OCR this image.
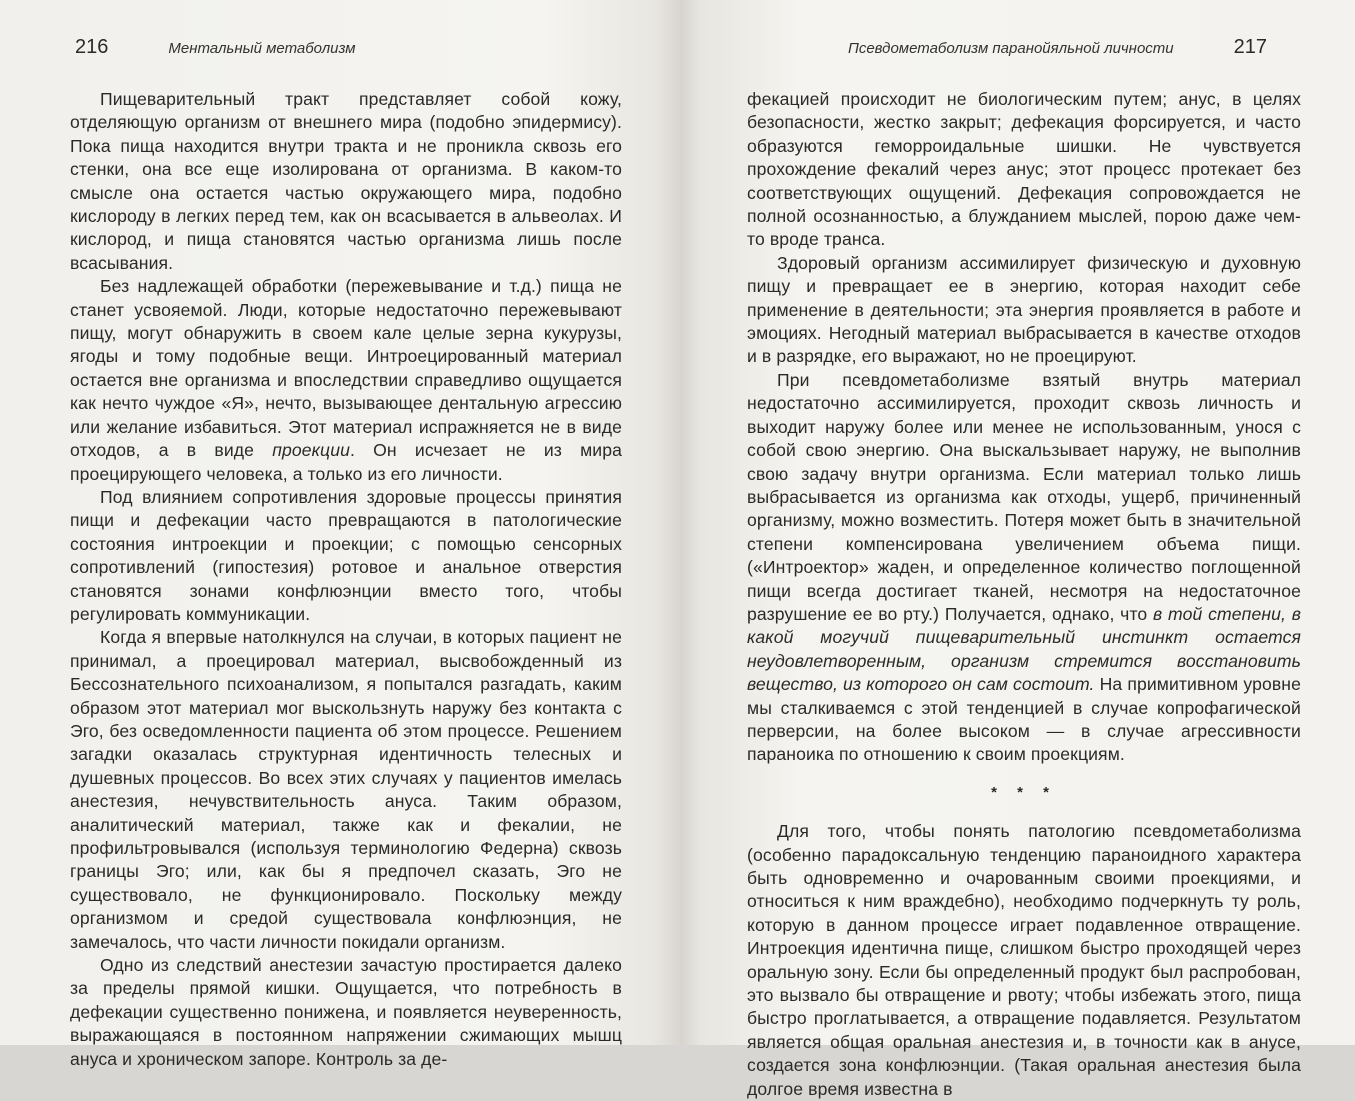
216	Ментальный метаболизм

Пищеварительный тракт представляет собой кожу, отделяющую организм от внешнего мира (подобно эпидермису). Пока пища находится внутри тракта и не проникла сквозь его стенки, она все еще изолирована от организма. В каком-то смысле она остается частью окружающего мира, подобно кислороду в легких перед тем, как он всасывается в альвеолах. И кислород, и пища становятся частью организма лишь после всасывания.

Без надлежащей обработки (пережевывание и т.д.) пища не станет усвояемой. Люди, которые недостаточно пережевывают пищу, могут обнаружить в своем кале целые зерна кукурузы, ягоды и тому подобные вещи. Интроецированный материал остается вне организма и впоследствии справедливо ощущается как нечто чуждое «Я», нечто, вызывающее дентальную агрессию или желание избавиться. Этот материал испражняется не в виде отходов, а в виде проекции. Он исчезает не из мира проецирующего человека, а только из его личности.

Под влиянием сопротивления здоровые процессы принятия пищи и дефекации часто превращаются в патологические состояния интроекции и проекции; с помощью сенсорных сопротивлений (гипостезия) ротовое и анальное отверстия становятся зонами конфлюэнции вместо того, чтобы регулировать коммуникации.

Когда я впервые натолкнулся на случаи, в которых пациент не принимал, а проецировал материал, высвобожденный из Бессознательного психоанализом, я попытался разгадать, каким образом этот материал мог выскользнуть наружу без контакта с Эго, без осведомленности пациента об этом процессе. Решением загадки оказалась структурная идентичность телесных и душевных процессов. Во всех этих случаях у пациентов имелась анестезия, нечувствительность ануса. Таким образом, аналитический материал, также как и фекалии, не профильтровывался (используя терминологию Федерна) сквозь границы Эго; или, как бы я предпочел сказать, Эго не существовало, не функционировало. Поскольку между организмом и средой существовала конфлюэнция, не замечалось, что части личности покидали организм.

Одно из следствий анестезии зачастую простирается далеко за пределы прямой кишки. Ощущается, что потребность в дефекации существенно понижена, и появляется неуверенность, выражающаяся в постоянном напряжении сжимающих мышц ануса и хроническом запоре. Контроль за де-

Псевдометаболизм паранойяльной личности	217

фекацией происходит не биологическим путем; анус, в целях безопасности, жестко закрыт; дефекация форсируется, и часто образуются геморроидальные шишки. Не чувствуется прохождение фекалий через анус; этот процесс протекает без соответствующих ощущений. Дефекация сопровождается не полной осознанностью, а блужданием мыслей, порою даже чем-то вроде транса.

Здоровый организм ассимилирует физическую и духовную пищу и превращает ее в энергию, которая находит себе применение в деятельности; эта энергия проявляется в работе и эмоциях. Негодный материал выбрасывается в качестве отходов и в разрядке, его выражают, но не проецируют.

При псевдометаболизме взятый внутрь материал недостаточно ассимилируется, проходит сквозь личность и выходит наружу более или менее не использованным, унося с собой свою энергию. Она выскальзывает наружу, не выполнив свою задачу внутри организма. Если материал только лишь выбрасывается из организма как отходы, ущерб, причиненный организму, можно возместить. Потеря может быть в значительной степени компенсирована увеличением объема пищи. («Интроектор» жаден, и определенное количество поглощенной пищи всегда достигает тканей, несмотря на недостаточное разрушение ее во рту.) Получается, однако, что в той степени, в какой могучий пищеварительный инстинкт остается неудовлетворенным, организм стремится восстановить вещество, из которого он сам состоит. На примитивном уровне мы сталкиваемся с этой тенденцией в случае копрофагической перверсии, на более высоком — в случае агрессивности параноика по отношению к своим проекциям.

* * *

Для того, чтобы понять патологию псевдометаболизма (особенно парадоксальную тенденцию параноидного характера быть одновременно и очарованным своими проекциями, и относиться к ним враждебно), необходимо подчеркнуть ту роль, которую в данном процессе играет подавленное отвращение. Интроекция идентична пище, слишком быстро проходящей через оральную зону. Если бы определенный продукт был распробован, это вызвало бы отвращение и рвоту; чтобы избежать этого, пища быстро проглатывается, а отвращение подавляется. Результатом является общая оральная анестезия и, в точности как в анусе, создается зона конфлюэнции. (Такая оральная анестезия была долгое время известна в
